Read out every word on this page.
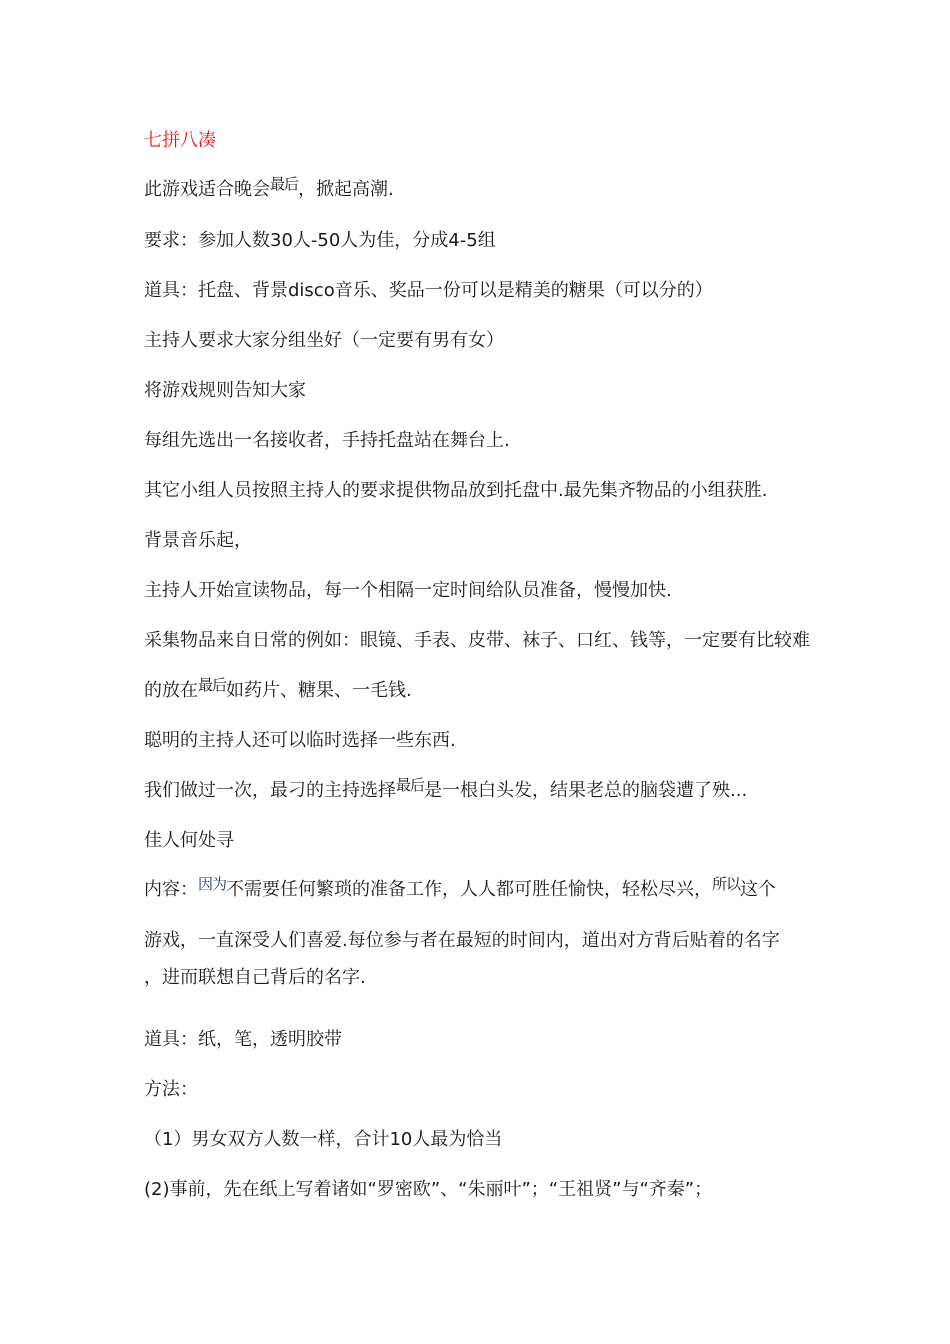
七拼八凑
此游戏适合晚会$^{最后}$，掀起高潮.
要求：参加人数30人-50人为佳，分成4-5组
道具：托盘、背景disco音乐、奖品一份可以是精美的糖果（可以分的）
主持人要求大家分组坐好（一定要有男有女）
将游戏规则告知大家
每组先选出一名接收者，手持托盘站在舞台上.
其它小组人员按照主持人的要求提供物品放到托盘中.最先集齐物品的小组获胜.
背景音乐起，
主持人开始宣读物品，每一个相隔一定时间给队员准备，慢慢加快.
采集物品来自日常的例如：眼镜、手表、皮带、袜子、口红、钱等，一定要有比较难
的放在$^{最后}$如药片、糖果、一毛钱.
聪明的主持人还可以临时选择一些东西.
我们做过一次，最刁的主持选择$^{最后}$是一根白头发，结果老总的脑袋遭了殃...
佳人何处寻
内容：$^{因为}$不需要任何繁琐的准备工作，人人都可胜任愉快，轻松尽兴，$^{所以}$这个
游戏，一直深受人们喜爱.每位参与者在最短的时间内，道出对方背后贴着的名字
，进而联想自己背后的名字.
道具：纸，笔，透明胶带
方法：
（1）男女双方人数一样，合计10人最为恰当
(2)事前，先在纸上写着诸如“罗密欧”、“朱丽叶”；“王祖贤”与“齐秦”；
